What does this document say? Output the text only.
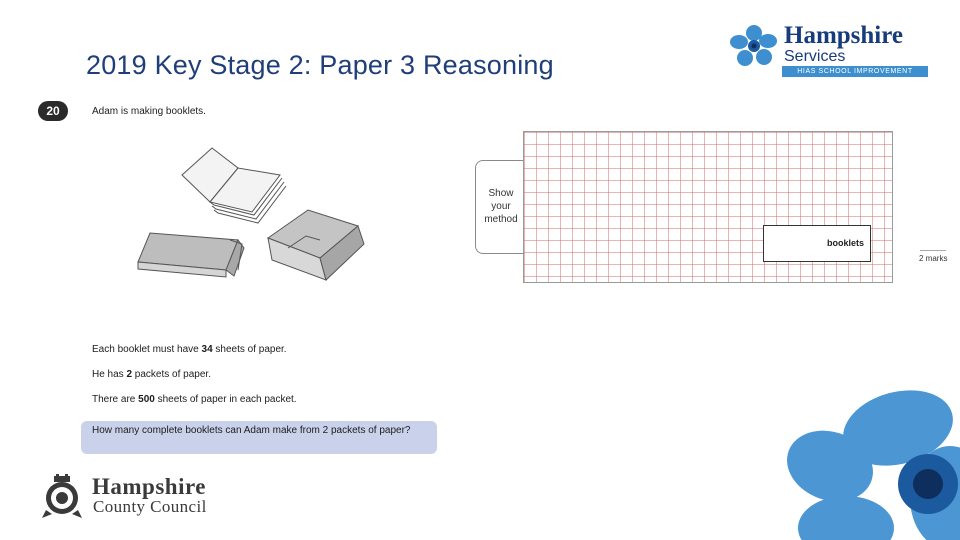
2019 Key Stage 2: Paper 3 Reasoning
Hampshire
Services
HIAS SCHOOL IMPROVEMENT
20	Adam is making booklets.
Each booklet must have 34 sheets of paper.
He has 2 packets of paper.
There are 500 sheets of paper in each packet.
How many complete booklets can Adam make from 2 packets of paper?
Show
your
method
booklets
2 marks
Hampshire
County Council
